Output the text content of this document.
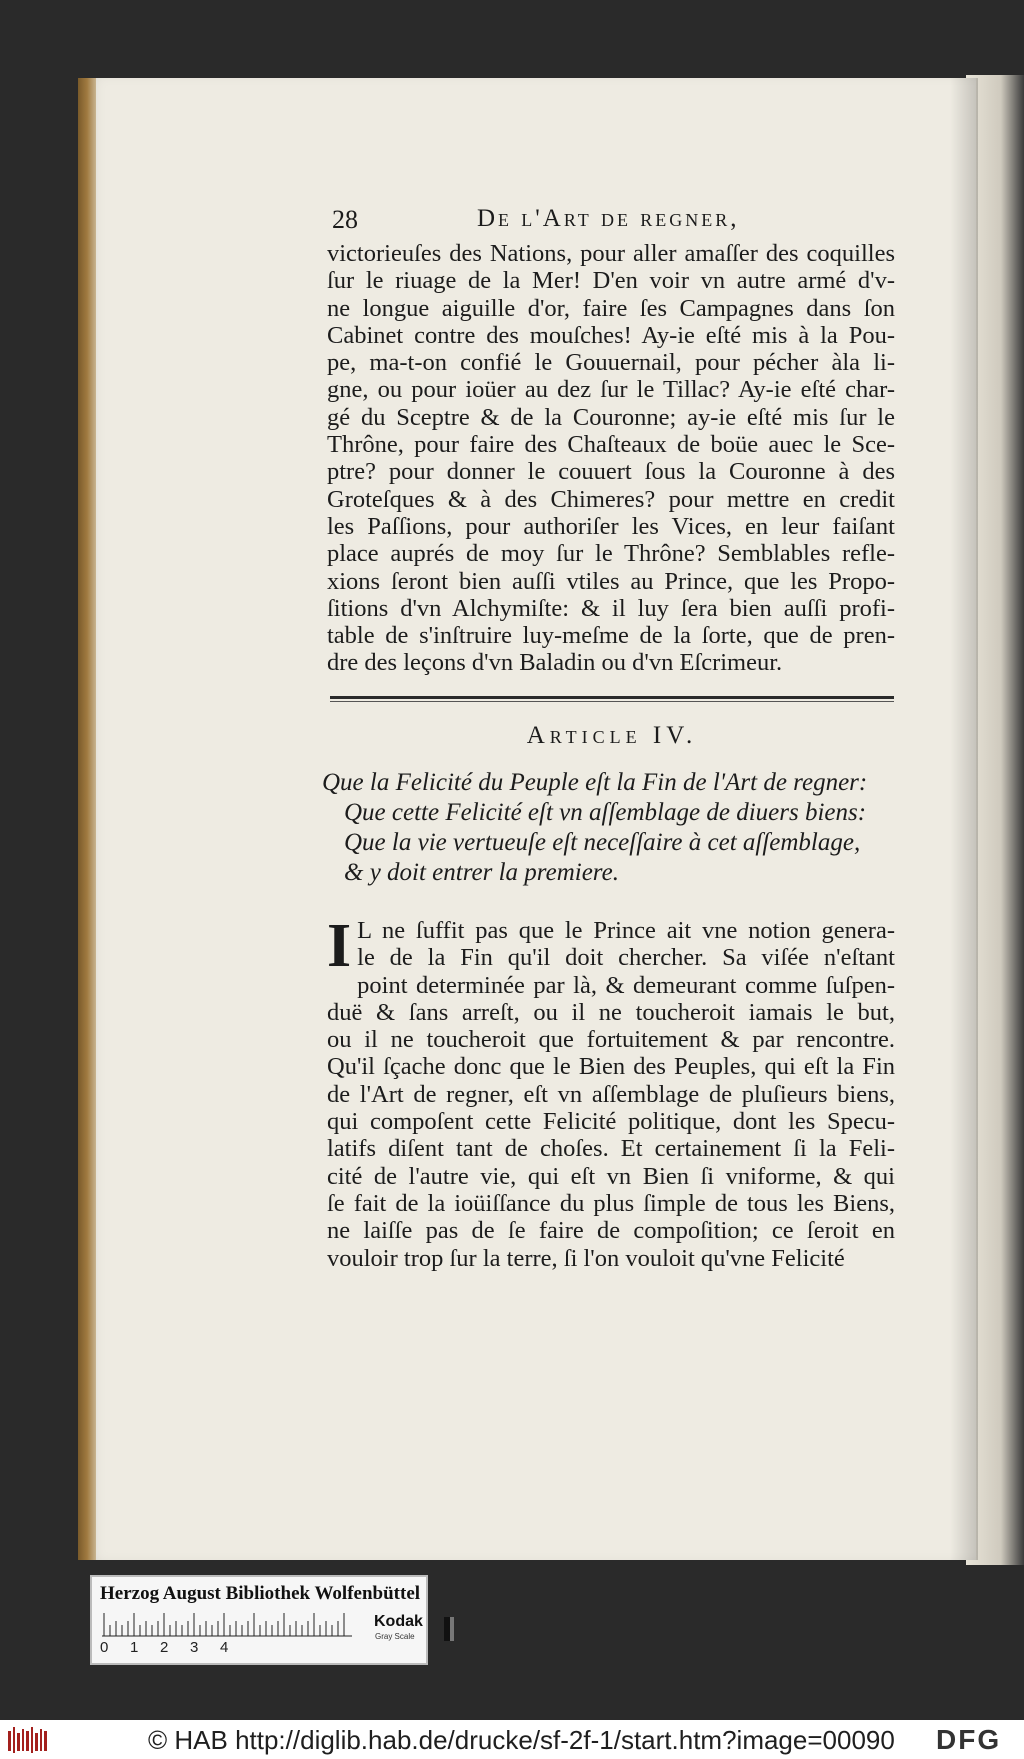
28	De l'Art de regner,
victorieuſes des Nations, pour aller amaſſer des coquilles
ſur le riuage de la Mer! D'en voir vn autre armé d'v-
ne longue aiguille d'or, faire ſes Campagnes dans ſon
Cabinet contre des mouſches! Ay-ie eſté mis à la Pou-
pe, ma-t-on confié le Gouuernail, pour pécher àla li-
gne, ou pour ioüer au dez ſur le Tillac? Ay-ie eſté char-
gé du Sceptre & de la Couronne; ay-ie eſté mis ſur le
Thrône, pour faire des Chaſteaux de boüe auec le Sce-
ptre? pour donner le couuert ſous la Couronne à des
Groteſques & à des Chimeres? pour mettre en credit
les Paſſions, pour authoriſer les Vices, en leur faiſant
place auprés de moy ſur le Thrône? Semblables refle-
xions ſeront bien auſſi vtiles au Prince, que les Propo-
ſitions d'vn Alchymiſte: & il luy ſera bien auſſi profi-
table de s'inſtruire luy-meſme de la ſorte, que de pren-
dre des leçons d'vn Baladin ou d'vn Eſcrimeur.
Article IV.
Que la Felicité du Peuple eſt la Fin de l'Art de regner:
Que cette Felicité eſt vn aſſemblage de diuers biens:
Que la vie vertueuſe eſt neceſſaire à cet aſſemblage,
& y doit entrer la premiere.
I L ne ſuffit pas que le Prince ait vne notion genera-
le de la Fin qu'il doit chercher. Sa viſée n'eſtant
point determinée par là, & demeurant comme ſuſpen-
duë & ſans arreſt, ou il ne toucheroit iamais le but,
ou il ne toucheroit que fortuitement & par rencontre.
Qu'il ſçache donc que le Bien des Peuples, qui eſt la Fin
de l'Art de regner, eſt vn aſſemblage de pluſieurs biens,
qui compoſent cette Felicité politique, dont les Specu-
latifs diſent tant de choſes. Et certainement ſi la Feli-
cité de l'autre vie, qui eſt vn Bien ſi vniforme, & qui
ſe fait de la ioüiſſance du plus ſimple de tous les Biens,
ne laiſſe pas de ſe faire de compoſition; ce ſeroit en
vouloir trop ſur la terre, ſi l'on vouloit qu'vne Felicité
Herzog August Bibliothek Wolfenbüttel
0 1 2 3 4
Kodak
Gray Scale
© HAB http://diglib.hab.de/drucke/sf-2f-1/start.htm?image=00090 DFG
